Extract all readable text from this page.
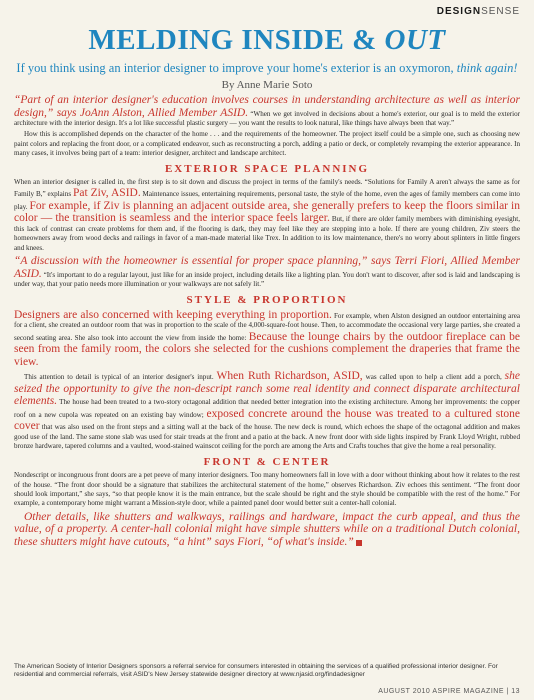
DESIGNSENSE
MELDING INSIDE & OUT
If you think using an interior designer to improve your home's exterior is an oxymoron, think again!
By Anne Marie Soto

“Part of an interior designer's education involves courses in understanding architecture as well as interior design,” says JoAnn Alston, Allied Member ASID. “When we get involved in decisions about a home's exterior, our goal is to meld the exterior architecture with the interior design. It's a lot like successful plastic surgery — you want the results to look natural, like things have always been that way.”

How this is accomplished depends on the character of the home . . . and the requirements of the homeowner. The project itself could be a simple one, such as choosing new paint colors and replacing the front door, or a complicated endeavor, such as reconstructing a porch, adding a patio or deck, or completely revamping the exterior appearance. In many cases, it involves being part of a team: interior designer, architect and landscape architect.

EXTERIOR SPACE PLANNING

When an interior designer is called in, the first step is to sit down and discuss the project in terms of the family's needs. “Solutions for Family A aren't always the same as for Family B,” explains Pat Ziv, ASID. Maintenance issues, entertaining requirements, personal taste, the style of the home, even the ages of family members can come into play. For example, if Ziv is planning an adjacent outside area, she generally prefers to keep the floors similar in color — the transition is seamless and the interior space feels larger. But, if there are older family members with diminishing eyesight, this lack of contrast can create problems for them and, if the flooring is dark, they may feel like they are stepping into a hole. If there are young children, Ziv steers the homeowners away from wood decks and railings in favor of a man-made material like Trex. In addition to its low maintenance, there's no worry about splinters in little fingers and knees.

“A discussion with the homeowner is essential for proper space planning,” says Terri Fiori, Allied Member ASID. “It's important to do a regular layout, just like for an inside project, including details like a lighting plan. You don't want to discover, after sod is laid and landscaping is under way, that your patio needs more illumination or your walkways are not safely lit.”

STYLE & PROPORTION

Designers are also concerned with keeping everything in proportion. For example, when Alston designed an outdoor entertaining area for a client, she created an outdoor room that was in proportion to the scale of the 4,000-square-foot house. Then, to accommodate the occasional very large parties, she created a second seating area. She also took into account the view from inside the home: Because the lounge chairs by the outdoor fireplace can be seen from the family room, the colors she selected for the cushions complement the draperies that frame the view.

This attention to detail is typical of an interior designer's input. When Ruth Richardson, ASID, was called upon to help a client add a porch, she seized the opportunity to give the non-descript ranch some real identity and connect disparate architectural elements. The house had been treated to a two-story octagonal addition that needed better integration into the existing architecture. Among her improvements: the copper roof on a new cupola was repeated on an existing bay window; exposed concrete around the house was treated to a cultured stone cover that was also used on the front steps and a sitting wall at the back of the house. The new deck is round, which echoes the shape of the octagonal addition and makes good use of the land. The same stone slab was used for stair treads at the front and a patio at the back. A new front door with side lights inspired by Frank Lloyd Wright, rubbed bronze hardware, tapered columns and a vaulted, wood-stained wainscot ceiling for the porch are among the Arts and Crafts touches that give the home a real personality.

FRONT & CENTER

Nondescript or incongruous front doors are a pet peeve of many interior designers. Too many homeowners fall in love with a door without thinking about how it relates to the rest of the house. “The front door should be a signature that stabilizes the architectural statement of the home,” observes Richardson. Ziv echoes this sentiment. “The front door should look important,” she says, “so that people know it is the main entrance, but the scale should be right and the style should be compatible with the rest of the home.” For example, a contemporary home might warrant a Mission-style door, while a painted panel door would better suit a center-hall colonial.

Other details, like shutters and walkways, railings and hardware, impact the curb appeal, and thus the value, of a property. A center-hall colonial might have simple shutters while on a traditional Dutch colonial, these shutters might have cutouts, “a hint” says Fiori, “of what's inside.”

The American Society of Interior Designers sponsors a referral service for consumers interested in obtaining the services of a qualified professional interior designer. For residential and commercial referrals, visit ASID's New Jersey statewide designer directory at www.njasid.org/findadesigner
AUGUST 2010 ASPIRE MAGAZINE | 13
